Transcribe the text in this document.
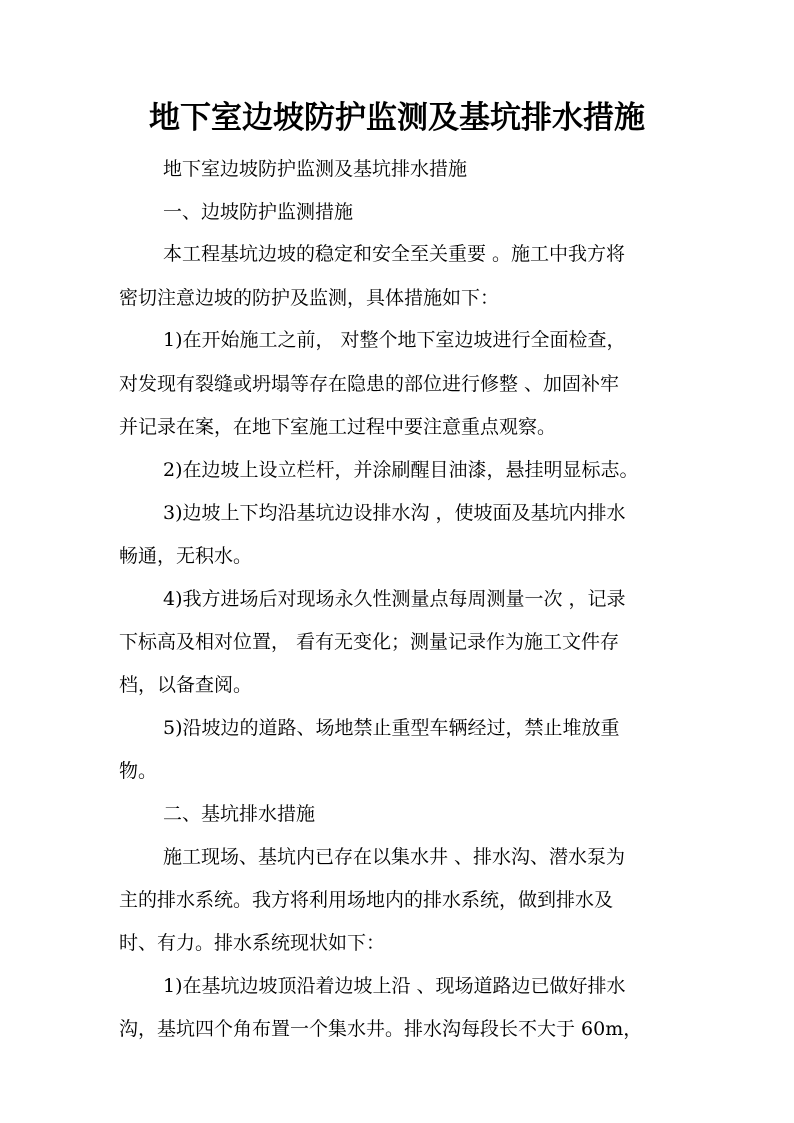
地下室边坡防护监测及基坑排水措施

地下室边坡防护监测及基坑排水措施

一、边坡防护监测措施

本工程基坑边坡的稳定和安全至关重要 。施工中我方将

密切注意边坡的防护及监测，具体措施如下：

1)在开始施工之前， 对整个地下室边坡进行全面检查，

对发现有裂缝或坍塌等存在隐患的部位进行修整 、加固补牢

并记录在案，在地下室施工过程中要注意重点观察。

2)在边坡上设立栏杆，并涂刷醒目油漆，悬挂明显标志。

3)边坡上下均沿基坑边设排水沟 ，使坡面及基坑内排水

畅通，无积水。

4)我方进场后对现场永久性测量点每周测量一次 ，记录

下标高及相对位置， 看有无变化；测量记录作为施工文件存

档，以备查阅。

5)沿坡边的道路、场地禁止重型车辆经过，禁止堆放重

物。

二、基坑排水措施

施工现场、基坑内已存在以集水井 、排水沟、潜水泵为

主的排水系统。我方将利用场地内的排水系统，做到排水及

时、有力。排水系统现状如下：

1)在基坑边坡顶沿着边坡上沿 、现场道路边已做好排水

沟，基坑四个角布置一个集水井。排水沟每段长不大于 60m，
